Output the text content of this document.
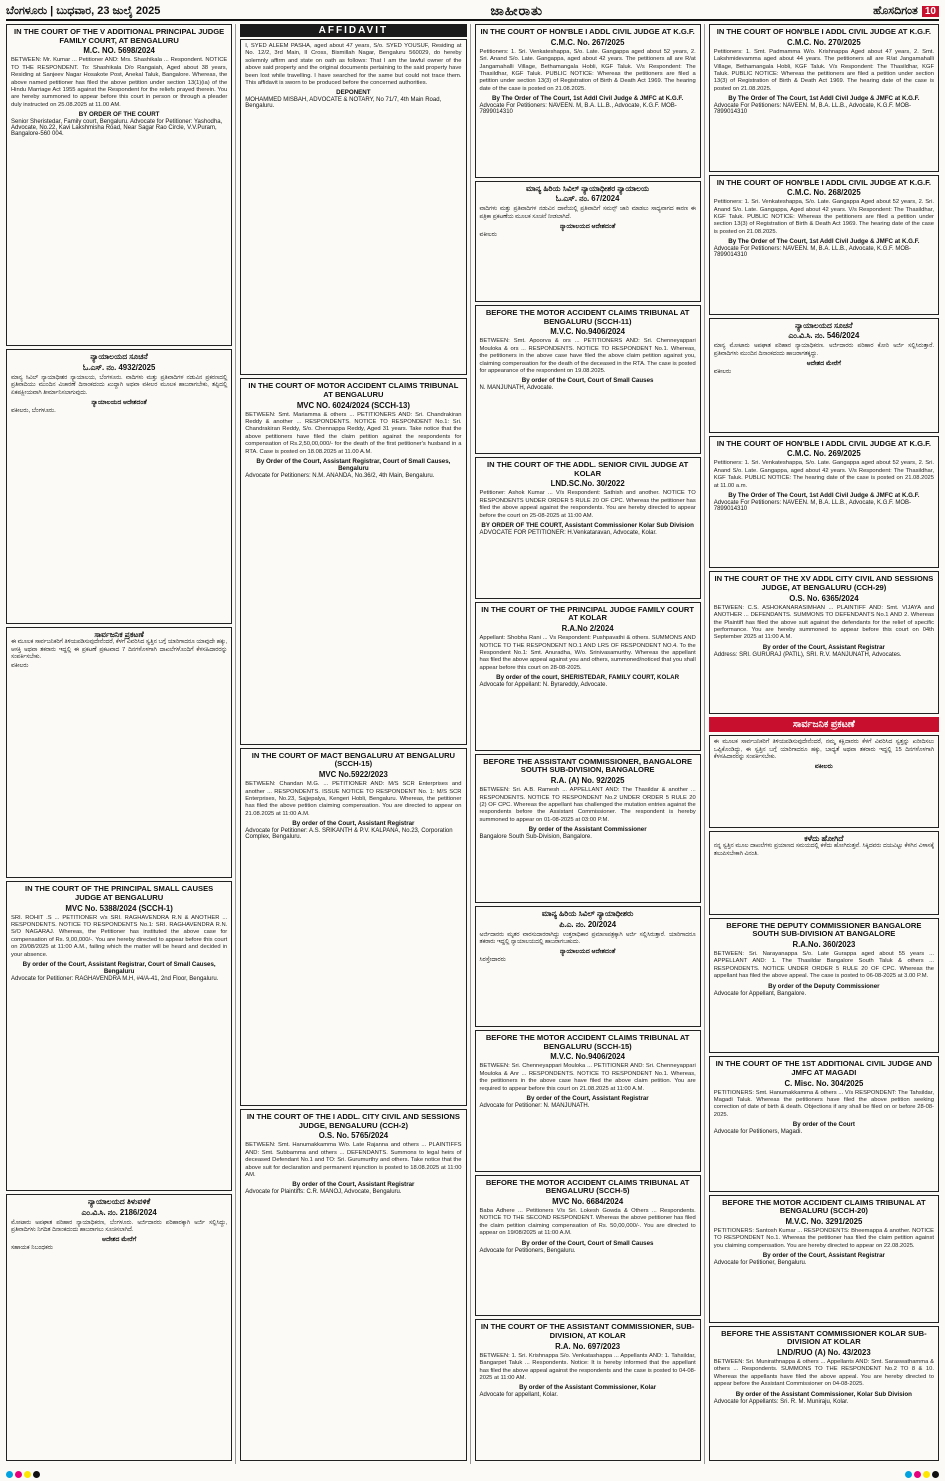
ಬೆಂಗಳೂರು | ಬುಧವಾರ, 23 ಜುಲೈ 2025	ಜಾಹೀರಾತು	ಹೊಸದಿಗಂತ 10
IN THE COURT OF THE V ADDITIONAL PRINCIPAL JUDGE FAMILY COURT, AT BENGALURU
M.C. NO. 5698/2024
BETWEEN: Mr. Kumar ... Petitioner AND: Mrs. Shashikala ... Respondent. NOTICE TO THE RESPONDENT. To: Shashikala D/o Rangaiah, Aged about 38 years, Residing at Sanjeev Nagar Hosakote Post, Anekal Taluk, Bangalore. Whereas, the above named petitioner has filed the above petition under section 13(1)(ia) of the Hindu Marriage Act 1955 against the Respondent for the reliefs prayed therein. You are hereby summoned to appear before this court in person or through a pleader duly instructed on 25.08.2025 at 11.00 AM.
BY ORDER OF THE COURT
Senior Sheristedar, Family court, Bengaluru. Advocate for Petitioner: Yashodha, Advocate, No.22, Kavi Lakshmisha Road, Near Sagar Rao Circle, V.V.Puram, Bangalore-560 004.
ನ್ಯಾಯಾಲಯದ ಸೂಚನೆ
ಓ.ಎಸ್. ನಂ. 4932/2025
ಮಾನ್ಯ ಸಿವಿಲ್ ನ್ಯಾಯಾಧೀಶರ ನ್ಯಾಯಾಲಯ, ಬೆಂಗಳೂರು. ವಾದಿಗಳು ಮತ್ತು ಪ್ರತಿವಾದಿಗಳ ನಡುವಿನ ಪ್ರಕರಣದಲ್ಲಿ ಪ್ರತಿವಾದಿಯು ಮುಂದಿನ ವಿಚಾರಣೆ ದಿನಾಂಕದಂದು ಖುದ್ದಾಗಿ ಅಥವಾ ವಕೀಲರ ಮೂಲಕ ಹಾಜರಾಗಬೇಕು, ತಪ್ಪಿದಲ್ಲಿ ಏಕಪಕ್ಷೀಯವಾಗಿ ತೀರ್ಮಾನಿಸಲಾಗುವುದು.
ನ್ಯಾಯಾಲಯದ ಆದೇಶದಂತೆ
ವಕೀಲರು, ಬೆಂಗಳೂರು.
ಸಾರ್ವಜನಿಕ ಪ್ರಕಟಣೆ
ಈ ಮೂಲಕ ಸಾರ್ವಜನಿಕರಿಗೆ ತಿಳಿಯಪಡಿಸುವುದೇನೆಂದರೆ, ಕೆಳಗೆ ವಿವರಿಸಿದ ಸ್ವತ್ತಿನ ಬಗ್ಗೆ ಯಾರಿಗಾದರೂ ಯಾವುದೇ ಹಕ್ಕು, ಆಸಕ್ತಿ ಅಥವಾ ತಕರಾರು ಇದ್ದಲ್ಲಿ ಈ ಪ್ರಕಟಣೆ ಪ್ರಕಟವಾದ 7 ದಿನಗಳೊಳಗಾಗಿ ದಾಖಲೆಗಳೊಂದಿಗೆ ಕೆಳಸಹಿದಾರರನ್ನು ಸಂಪರ್ಕಿಸಬೇಕು.
ವಕೀಲರು
IN THE COURT OF THE PRINCIPAL SMALL CAUSES JUDGE AT BENGALURU
MVC No. 5388/2024 (SCCH-1)
SRI. ROHIT .S ... PETITIONER v/s SRI. RAGHAVENDRA R.N & ANOTHER ... RESPONDENTS. NOTICE TO RESPONDENTS No.1: SRI. RAGHAVENDRA R.N. S/O NAGARAJ. Whereas, the Petitioner has instituted the above case for compensation of Rs. 9,00,000/-. You are hereby directed to appear before this court on 20/08/2025 at 11:00 A.M., failing which the matter will be heard and decided in your absence.
By order of the Court, Assistant Registrar, Court of Small Causes, Bengaluru
Advocate for Petitioner: RAGHAVENDRA M.H, #4/A-41, 2nd Floor, Bengaluru.
ನ್ಯಾಯಾಲಯದ ತಿಳುವಳಿಕೆ
ಎಂ.ವಿ.ಸಿ. ನಂ. 2186/2024
ಮೋಟಾರು ಅಪಘಾತ ಪರಿಹಾರ ನ್ಯಾಯಾಧಿಕರಣ, ಬೆಂಗಳೂರು. ಅರ್ಜಿದಾರರು ಪರಿಹಾರಕ್ಕಾಗಿ ಅರ್ಜಿ ಸಲ್ಲಿಸಿದ್ದು, ಪ್ರತಿವಾದಿಗಳು ನಿಗದಿತ ದಿನಾಂಕದಂದು ಹಾಜರಾಗಲು ಸೂಚಿಸಲಾಗಿದೆ.
ಆದೇಶದ ಮೇರೆಗೆ
ಸಹಾಯಕ ನಿಬಂಧಕರು
AFFIDAVIT
I, SYED ALEEM PASHA, aged about 47 years, S/o. SYED YOUSUF, Residing at No. 12/2, 3rd Main, II Cross, Bismillah Nagar, Bengaluru 560029, do hereby solemnly affirm and state on oath as follows: That I am the lawful owner of the above said property and the original documents pertaining to the said property have been lost while travelling. I have searched for the same but could not trace them. This affidavit is sworn to be produced before the concerned authorities.
DEPONENT
MOHAMMED MISBAH, ADVOCATE & NOTARY, No 71/7, 4th Main Road, Bengaluru.
IN THE COURT OF MOTOR ACCIDENT CLAIMS TRIBUNAL AT BENGALURU
MVC NO. 6024/2024 (SCCH-13)
BETWEEN: Smt. Mariamma & others ... PETITIONERS AND: Sri. Chandrakiran Reddy & another ... RESPONDENTS. NOTICE TO RESPONDENT No.1: Sri. Chandrakiran Reddy, S/o. Chennappa Reddy, Aged 31 years. Take notice that the above petitioners have filed the claim petition against the respondents for compensation of Rs.2,50,00,000/- for the death of the first petitioner's husband in a RTA. Case is posted on 18.08.2025 at 11.00 A.M.
By Order of the Court, Assistant Registrar, Court of Small Causes, Bengaluru
Advocate for Petitioners: N.M. ANANDA, No.36/2, 4th Main, Bengaluru.
IN THE COURT OF MACT BENGALURU AT BENGALURU (SCCH-15)
MVC No.5922/2023
BETWEEN: Chandan M.G. ... PETITIONER AND: M/S SCR Enterprises and another ... RESPONDENTS. ISSUE NOTICE TO RESPONDENT No. 1: M/S SCR Enterprises, No.23, Sajjepalya, Kengeri Hobli, Bengaluru. Whereas, the petitioner has filed the above petition claiming compensation. You are directed to appear on 21.08.2025 at 11:00 A.M.
By order of the Court, Assistant Registrar
Advocate for Petitioner: A.S. SRIKANTH & P.V. KALPANA, No.23, Corporation Complex, Bengaluru.
IN THE COURT OF THE I ADDL. CITY CIVIL AND SESSIONS JUDGE, BENGALURU (CCH-2)
O.S. No. 5765/2024
BETWEEN: Smt. Hanumakkamma W/o. Late Rajanna and others ... PLAINTIFFS AND: Smt. Subbamma and others ... DEFENDANTS. Summons to legal heirs of deceased Defendant No.1 and TO: Sri. Gurumurthy and others. Take notice that the above suit for declaration and permanent injunction is posted to 18.08.2025 at 11:00 AM.
By order of the Court, Assistant Registrar
Advocate for Plaintiffs: C.R. MANOJ, Advocate, Bengaluru.
IN THE COURT OF HON'BLE I ADDL CIVIL JUDGE AT K.G.F.
C.M.C. No. 267/2025
Petitioners: 1. Sri. Venkateshappa, S/o. Late. Gangappa aged about 52 years, 2. Sri. Anand S/o. Late. Gangappa, aged about 42 years. The petitioners all are R/at Jangamahalli Village, Bethamangala Hobli, KGF Taluk. V/s Respondent: The Thasildhar, KGF Taluk. PUBLIC NOTICE: Whereas the petitioners are filed a petition under section 13(3) of Registration of Birth & Death Act 1969. The hearing date of the case is posted on 21.08.2025.
By The Order of The Court, 1st Addl Civil Judge & JMFC at K.G.F.
Advocate For Petitioners: NAVEEN. M, B.A. LL.B., Advocate, K.G.F. MOB-7899014310
ಮಾನ್ಯ ಹಿರಿಯ ಸಿವಿಲ್ ನ್ಯಾಯಾಧೀಶರ ನ್ಯಾಯಾಲಯ
ಓ.ಎಸ್. ನಂ. 67/2024
ವಾದಿಗಳು ಮತ್ತು ಪ್ರತಿವಾದಿಗಳ ನಡುವಿನ ದಾವೆಯಲ್ಲಿ ಪ್ರತಿವಾದಿಗೆ ಸಮನ್ಸ್ ಜಾರಿ ಮಾಡಲು ಸಾಧ್ಯವಾಗದ ಕಾರಣ ಈ ಪತ್ರಿಕಾ ಪ್ರಕಟಣೆಯ ಮೂಲಕ ಸೂಚನೆ ನೀಡಲಾಗಿದೆ.
ನ್ಯಾಯಾಲಯದ ಆದೇಶದಂತೆ
ವಕೀಲರು
BEFORE THE MOTOR ACCIDENT CLAIMS TRIBUNAL AT BENGALURU (SCCH-11)
M.V.C. No.9406/2024
BETWEEN: Smt. Apoorva & ors ... PETITIONERS AND: Sri. Chenneyappari Mouloka & ors ... RESPONDENTS. NOTICE TO RESPONDENT No.1. Whereas, the petitioners in the above case have filed the above claim petition against you, claiming compensation for the death of the deceased in the RTA. The case is posted for appearance of the respondent on 19.08.2025.
By order of the Court, Court of Small Causes
N. MANJUNATH, Advocate.
IN THE COURT OF THE ADDL. SENIOR CIVIL JUDGE AT KOLAR
LND.SC.No. 30/2022
Petitioner: Ashok Kumar ... V/s Respondent: Sathish and another. NOTICE TO RESPONDENTS UNDER ORDER 5 RULE 20 OF CPC. Whereas the petitioner has filed the above appeal against the respondents. You are hereby directed to appear before the court on 25-08-2025 at 11:00 AM.
BY ORDER OF THE COURT, Assistant Commissioner Kolar Sub Division
ADVOCATE FOR PETITIONER: H.Venkataravan, Advocate, Kolar.
IN THE COURT OF THE PRINCIPAL JUDGE FAMILY COURT AT KOLAR
R.A.No 2/2024
Appellant: Shobha Rani ... Vs Respondent: Pushpavathi & others. SUMMONS AND NOTICE TO THE RESPONDENT NO.1 AND LRS OF RESPONDENT NO.4. To the Respondent No.1: Smt. Anuradha, W/o. Srinivasamurthy. Whereas the appellant has filed the above appeal against you and others, summoned/noticed that you shall appear before this court on 28-08-2025.
By order of the court, SHERISTEDAR, FAMILY COURT, KOLAR
Advocate for Appellant: N. Byrareddy, Advocate.
BEFORE THE ASSISTANT COMMISSIONER, BANGALORE SOUTH SUB-DIVISION, BANGALORE
R.A. (A) No. 92/2025
BETWEEN: Sri. A.B. Ramesh ... APPELLANT AND: The Thasildar & another ... RESPONDENTS. NOTICE TO RESPONDENT No.2 UNDER ORDER 5 RULE 20 (2) OF CPC. Whereas the appellant has challenged the mutation entries against the respondents before the Assistant Commissioner. The respondent is hereby summoned to appear on 01-08-2025 at 03:00 P.M.
By order of the Assistant Commissioner
Bangalore South Sub-Division, Bangalore.
ಮಾನ್ಯ ಹಿರಿಯ ಸಿವಿಲ್ ನ್ಯಾಯಾಧೀಶರು
ಪಿ.ಎ. ನಂ. 20/2024
ಅರ್ಜಿದಾರರು ಮೃತರ ವಾರಸುದಾರರಾಗಿದ್ದು ಉತ್ತರಾಧಿಕಾರ ಪ್ರಮಾಣಪತ್ರಕ್ಕಾಗಿ ಅರ್ಜಿ ಸಲ್ಲಿಸಿರುತ್ತಾರೆ. ಯಾರಿಗಾದರೂ ತಕರಾರು ಇದ್ದಲ್ಲಿ ನ್ಯಾಯಾಲಯದಲ್ಲಿ ಹಾಜರಾಗಬಹುದು.
ನ್ಯಾಯಾಲಯದ ಆದೇಶದಂತೆ
ಸಿರಸ್ತೇದಾರರು
BEFORE THE MOTOR ACCIDENT CLAIMS TRIBUNAL AT BENGALURU (SCCH-15)
M.V.C. No.9406/2024
BETWEEN: Sri. Chenneyappari Mouloka ... PETITIONER AND: Sri. Chenneyappari Mouloka & Anr ... RESPONDENTS. NOTICE TO RESPONDENT No.1. Whereas, the petitioners in the above case have filed the above claim petition. You are required to appear before this court on 21.08.2025 at 11:00 A.M.
By order of the Court, Assistant Registrar
Advocate for Petitioner: N. MANJUNATH.
BEFORE THE MOTOR ACCIDENT CLAIMS TRIBUNAL AT BENGALURU (SCCH-5)
MVC No. 6684/2024
Baba Adhere ... Petitioners V/s Sri. Lokesh Gowda & Others ... Respondents. NOTICE TO THE SECOND RESPONDENT. Whereas the above petitioner has filed the claim petition claiming compensation of Rs. 50,00,000/-. You are directed to appear on 19/08/2025 at 11:00 A.M.
By order of the Court, Court of Small Causes
Advocate for Petitioners, Bengaluru.
IN THE COURT OF THE ASSISTANT COMMISSIONER, SUB-DIVISION, AT KOLAR
R.A. No. 697/2023
BETWEEN: 1. Sri. Krishnappa S/o. Venkatashappa ... Appellants AND: 1. Tahsildar, Bangarpet Taluk ... Respondents. Notice: It is hereby informed that the appellant has filed the above appeal against the respondents and the case is posted to 04-08-2025 at 11:00 AM.
By order of the Assistant Commissioner, Kolar
Advocate for appellant, Kolar.
IN THE COURT OF HON'BLE I ADDL CIVIL JUDGE AT K.G.F.
C.M.C. No. 270/2025
Petitioners: 1. Smt. Padmamma W/o. Krishnappa Aged about 47 years, 2. Smt. Lakshmidevamma aged about 44 years. The petitioners all are R/at Jangamahalli Village, Bethamangala Hobli, KGF Taluk. V/s Respondent: The Thasildhar, KGF Taluk. PUBLIC NOTICE: Whereas the petitioners are filed a petition under section 13(3) of Registration of Birth & Death Act 1969. The hearing date of the case is posted on 21.08.2025.
By The Order of The Court, 1st Addl Civil Judge & JMFC at K.G.F.
Advocate For Petitioners: NAVEEN. M, B.A. LL.B., Advocate, K.G.F. MOB-7899014310
IN THE COURT OF HON'BLE I ADDL CIVIL JUDGE AT K.G.F.
C.M.C. No. 268/2025
Petitioners: 1. Sri. Venkateshappa, S/o. Late. Gangappa Aged about 52 years, 2. Sri. Anand S/o. Late. Gangappa, Aged about 42 years. V/s Respondent: The Thasildhar, KGF Taluk. PUBLIC NOTICE: Whereas the petitioners are filed a petition under section 13(3) of Registration of Birth & Death Act 1969. The hearing date of the case is posted on 21.08.2025.
By The Order of The Court, 1st Addl Civil Judge & JMFC at K.G.F.
Advocate For Petitioners: NAVEEN. M, B.A. LL.B., Advocate, K.G.F. MOB-7899014310
ನ್ಯಾಯಾಲಯದ ಸೂಚನೆ
ಎಂ.ವಿ.ಸಿ. ನಂ. 546/2024
ಮಾನ್ಯ ಮೋಟಾರು ಅಪಘಾತ ಪರಿಹಾರ ನ್ಯಾಯಾಧಿಕರಣ. ಅರ್ಜಿದಾರರು ಪರಿಹಾರ ಕೋರಿ ಅರ್ಜಿ ಸಲ್ಲಿಸಿರುತ್ತಾರೆ. ಪ್ರತಿವಾದಿಗಳು ಮುಂದಿನ ದಿನಾಂಕದಂದು ಹಾಜರಾಗತಕ್ಕದ್ದು.
ಆದೇಶದ ಮೇರೆಗೆ
ವಕೀಲರು
IN THE COURT OF HON'BLE I ADDL CIVIL JUDGE AT K.G.F.
C.M.C. No. 269/2025
Petitioners: 1. Sri. Venkateshappa, S/o. Late. Gangappa aged about 52 years, 2. Sri. Anand S/o. Late. Gangappa, aged about 42 years. V/s Respondent: The Thasildhar, KGF Taluk. PUBLIC NOTICE: The hearing date of the case is posted on 21.08.2025 at 11.00 a.m.
By The Order of The Court, 1st Addl Civil Judge & JMFC at K.G.F.
Advocate For Petitioners: NAVEEN. M, B.A. LL.B., Advocate, K.G.F. MOB-7899014310
IN THE COURT OF THE XV ADDL CITY CIVIL AND SESSIONS JUDGE, AT BENGALURU (CCH-29)
O.S. No. 6365/2024
BETWEEN: C.S. ASHOKANARASIMHAN ... PLAINTIFF AND: Smt. VIJAYA and ANOTHER ... DEFENDANTS. SUMMONS TO DEFENDANTS No.1 AND 2. Whereas the Plaintiff has filed the above suit against the defendants for the relief of specific performance. You are hereby summoned to appear before this court on 04th September 2025 at 11:00 A.M.
By order of the Court, Assistant Registrar
Address: SRI. GURURAJ (PATIL), SRI. R.V. MANJUNATH, Advocates.
ಸಾರ್ವಜನಿಕ ಪ್ರಕಟಣೆ
ಈ ಮೂಲಕ ಸಾರ್ವಜನಿಕರಿಗೆ ತಿಳಿಯಪಡಿಸುವುದೇನೆಂದರೆ, ನಮ್ಮ ಕಕ್ಷಿದಾರರು ಕೆಳಗೆ ವಿವರಿಸಿದ ಸ್ವತ್ತನ್ನು ಖರೀದಿಸಲು ಒಪ್ಪಿಕೊಂಡಿದ್ದು, ಈ ಸ್ವತ್ತಿನ ಬಗ್ಗೆ ಯಾರಿಗಾದರೂ ಹಕ್ಕು, ಬಾಧ್ಯತೆ ಅಥವಾ ತಕರಾರು ಇದ್ದಲ್ಲಿ 15 ದಿನಗಳೊಳಗಾಗಿ ಕೆಳಸಹಿದಾರರನ್ನು ಸಂಪರ್ಕಿಸಬೇಕು.
ವಕೀಲರು
ಕಳೆದು ಹೋಗಿದೆ
ನನ್ನ ಸ್ವತ್ತಿನ ಮೂಲ ದಾಖಲೆಗಳು ಪ್ರಯಾಣದ ಸಮಯದಲ್ಲಿ ಕಳೆದು ಹೋಗಿರುತ್ತವೆ. ಸಿಕ್ಕಿದವರು ದಯವಿಟ್ಟು ಕೆಳಗಿನ ವಿಳಾಸಕ್ಕೆ ತಲುಪಿಸಬೇಕಾಗಿ ವಿನಂತಿ.
BEFORE THE DEPUTY COMMISSIONER BANGALORE SOUTH SUB-DIVISION AT BANGALORE
R.A.No. 360/2023
BETWEEN: Sri. Narayanappa S/o. Late Gurappa aged about 55 years ... APPELLANT AND: 1. The Thasildar Bangalore South Taluk & others ... RESPONDENTS. NOTICE UNDER ORDER 5 RULE 20 OF CPC. Whereas the appellant has filed the above appeal. The case is posted to 06-08-2025 at 3.00 P.M.
By order of the Deputy Commissioner
Advocate for Appellant, Bangalore.
IN THE COURT OF THE 1ST ADDITIONAL CIVIL JUDGE AND JMFC AT MAGADI
C. Misc. No. 304/2025
PETITIONERS: Smt. Hanumakkamma & others ... V/s RESPONDENT: The Tahsildar, Magadi Taluk. Whereas the petitioners have filed the above petition seeking correction of date of birth & death. Objections if any shall be filed on or before 28-08-2025.
By order of the Court
Advocate for Petitioners, Magadi.
BEFORE THE MOTOR ACCIDENT CLAIMS TRIBUNAL AT BENGALURU (SCCH-20)
M.V.C. No. 3291/2025
PETITIONERS: Santosh Kumar ... RESPONDENTS: Bheemappa & another. NOTICE TO RESPONDENT No.1. Whereas the petitioner has filed the claim petition against you claiming compensation. You are hereby directed to appear on 22.08.2025.
By order of the Court, Assistant Registrar
Advocate for Petitioner, Bengaluru.
BEFORE THE ASSISTANT COMMISSIONER KOLAR SUB-DIVISION AT KOLAR
LND/RUO (A) No. 43/2023
BETWEEN: Sri. Munirathnappa & others ... Appellants AND: Smt. Saraswathamma & others ... Respondents. SUMMONS TO THE RESPONDENT No.2 TO 8 & 10. Whereas the appellants have filed the above appeal. You are hereby directed to appear before the Assistant Commissioner on 04-08-2025.
By order of the Assistant Commissioner, Kolar Sub Division
Advocate for Appellants: Sri. R. M. Muniraju, Kolar.
